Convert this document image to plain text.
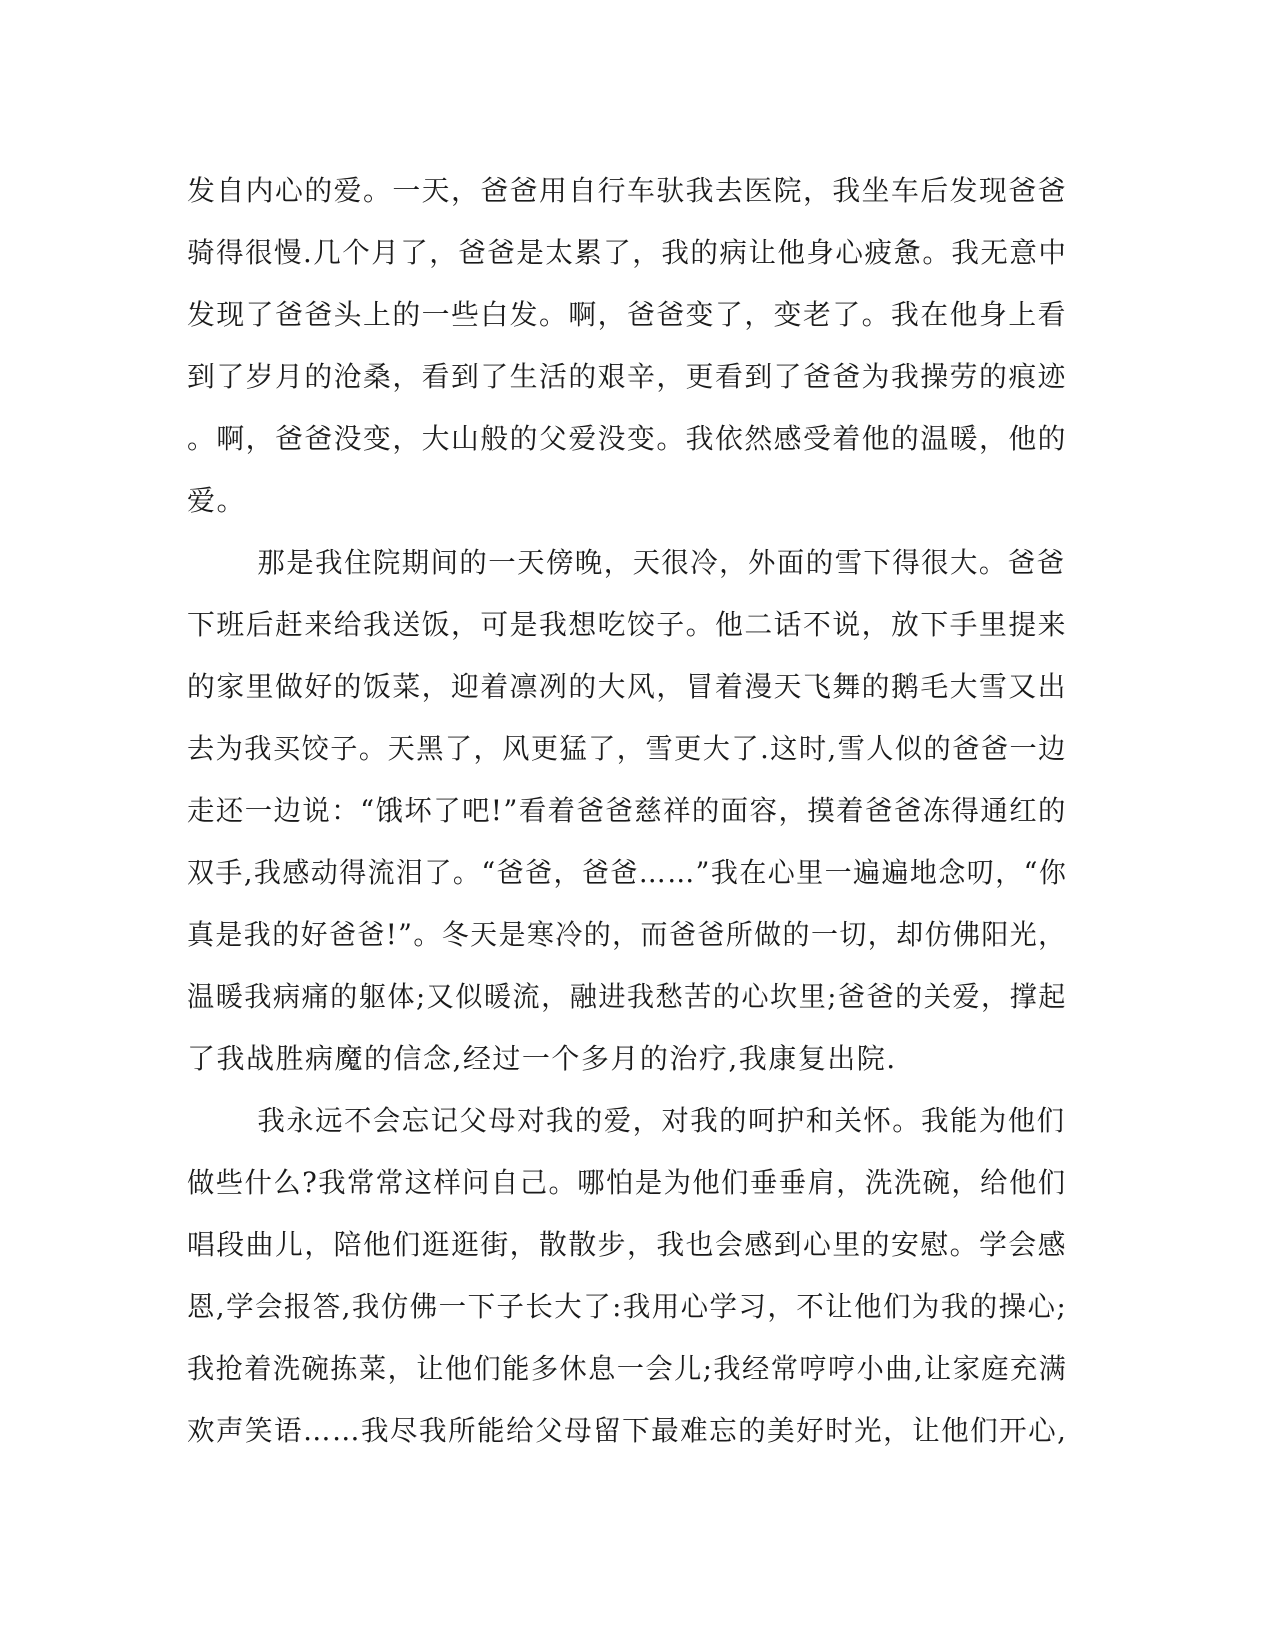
发自内心的爱。一天，爸爸用自行车驮我去医院，我坐车后发现爸爸
骑得很慢.几个月了，爸爸是太累了，我的病让他身心疲惫。我无意中
发现了爸爸头上的一些白发。啊，爸爸变了，变老了。我在他身上看
到了岁月的沧桑，看到了生活的艰辛，更看到了爸爸为我操劳的痕迹
。啊，爸爸没变，大山般的父爱没变。我依然感受着他的温暖，他的
爱。
那是我住院期间的一天傍晚，天很冷，外面的雪下得很大。爸爸
下班后赶来给我送饭，可是我想吃饺子。他二话不说，放下手里提来
的家里做好的饭菜，迎着凛冽的大风，冒着漫天飞舞的鹅毛大雪又出
去为我买饺子。天黑了，风更猛了，雪更大了.这时,雪人似的爸爸一边
走还一边说：“饿坏了吧!”看着爸爸慈祥的面容，摸着爸爸冻得通红的
双手,我感动得流泪了。“爸爸，爸爸……”我在心里一遍遍地念叨，“你
真是我的好爸爸!”。冬天是寒冷的，而爸爸所做的一切，却仿佛阳光，
温暖我病痛的躯体;又似暖流，融进我愁苦的心坎里;爸爸的关爱，撑起
了我战胜病魔的信念,经过一个多月的治疗,我康复出院.
我永远不会忘记父母对我的爱，对我的呵护和关怀。我能为他们
做些什么?我常常这样问自己。哪怕是为他们垂垂肩，洗洗碗，给他们
唱段曲儿，陪他们逛逛街，散散步，我也会感到心里的安慰。学会感
恩,学会报答,我仿佛一下子长大了:我用心学习，不让他们为我的操心;
我抢着洗碗拣菜，让他们能多休息一会儿;我经常哼哼小曲,让家庭充满
欢声笑语……我尽我所能给父母留下最难忘的美好时光，让他们开心,
